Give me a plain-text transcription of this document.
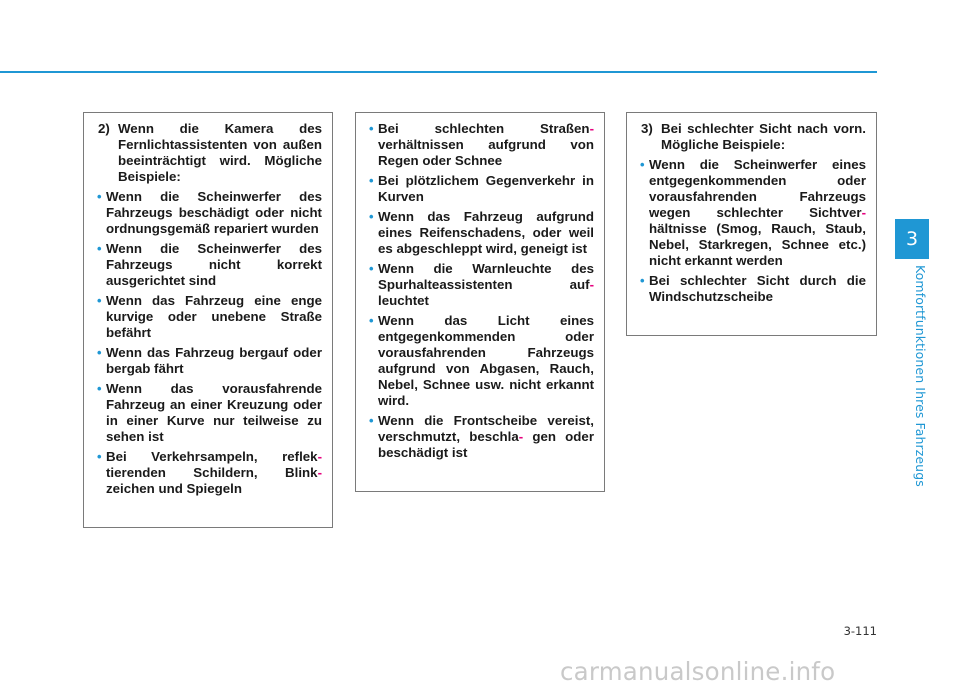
3
Komfortfunktionen Ihres Fahrzeugs
2) Wenn die Kamera des Fernlichtassistenten von außen beeinträchtigt wird. Mögliche Beispiele:
• Wenn die Scheinwerfer des Fahrzeugs beschädigt oder nicht ordnungsgemäß repariert wurden
• Wenn die Scheinwerfer des Fahrzeugs nicht korrekt ausgerichtet sind
• Wenn das Fahrzeug eine enge kurvige oder unebene Straße befährt
• Wenn das Fahrzeug bergauf oder bergab fährt
• Wenn das vorausfahrende Fahrzeug an einer Kreuzung oder in einer Kurve nur teilweise zu sehen ist
• Bei Verkehrsampeln, reflek- tierenden Schildern, Blink- zeichen und Spiegeln
• Bei schlechten Straßen- verhältnissen aufgrund von Regen oder Schnee
• Bei plötzlichem Gegenverkehr in Kurven
• Wenn das Fahrzeug aufgrund eines Reifenschadens, oder weil es abgeschleppt wird, geneigt ist
• Wenn die Warnleuchte des Spurhalteassistenten auf- leuchtet
• Wenn das Licht eines entgegenkommenden oder vorausfahrenden Fahrzeugs aufgrund von Abgasen, Rauch, Nebel, Schnee usw. nicht erkannt wird.
• Wenn die Frontscheibe vereist, verschmutzt, beschla- gen oder beschädigt ist
3) Bei schlechter Sicht nach vorn. Mögliche Beispiele:
• Wenn die Scheinwerfer eines entgegenkommenden oder vorausfahrenden Fahrzeugs wegen schlechter Sichtver- hältnisse (Smog, Rauch, Staub, Nebel, Starkregen, Schnee etc.) nicht erkannt werden
• Bei schlechter Sicht durch die Windschutzscheibe
3-111
carmanualsonline.info
